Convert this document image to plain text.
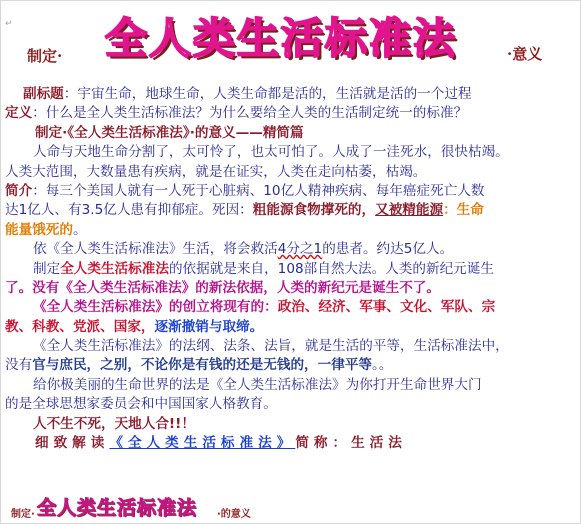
↵
制定· 全人类生活标准法	·意义
副标题：宇宙生命，地球生命，人类生命都是活的，生活就是活的一个过程
定义：什么是全人类生活标准法？为什么要给全人类的生活制定统一的标准？
制定·《全人类生活标准法》·的意义——精简篇
人命与天地生命分割了，太可怜了，也太可怕了。人成了一洼死水，很快枯竭。
人类大范围，大数量患有疾病，就是在证实，人类在走向枯萎，枯竭。
简介：每三个美国人就有一人死于心脏病、10亿人精神疾病、每年癌症死亡人数
达1亿人、有3.5亿人患有抑郁症。死因：粗能源食物撑死的，又被精能源：生命
能量饿死的。
依《全人类生活标准法》生活，将会救活4分之1的患者。约达5亿人。
制定全人类生活标准法的依据就是来自，108部自然大法。人类的新纪元诞生
了。没有《全人类生活标准法》的新法依据，人类的新纪元是诞生不了。
《全人类生活标准法》的创立将现有的：政治、经济、军事、文化、军队、宗
教、科教、党派、国家，逐渐撤销与取缔。
《全人类生活标准法》的法纲、法条、法旨，就是生活的平等，生活标准法中，
没有官与庶民，之别，不论你是有钱的还是无钱的，一律平等。。
给你极美丽的生命世界的法是《全人类生活标准法》为你打开生命世界大门
的是全球思想家委员会和中国国家人格教育。
人不生不死，天地人合!!！
细致解读《全人类生活标准法》简称：生活法
制定· 全人类生活标准法 ·的意义
